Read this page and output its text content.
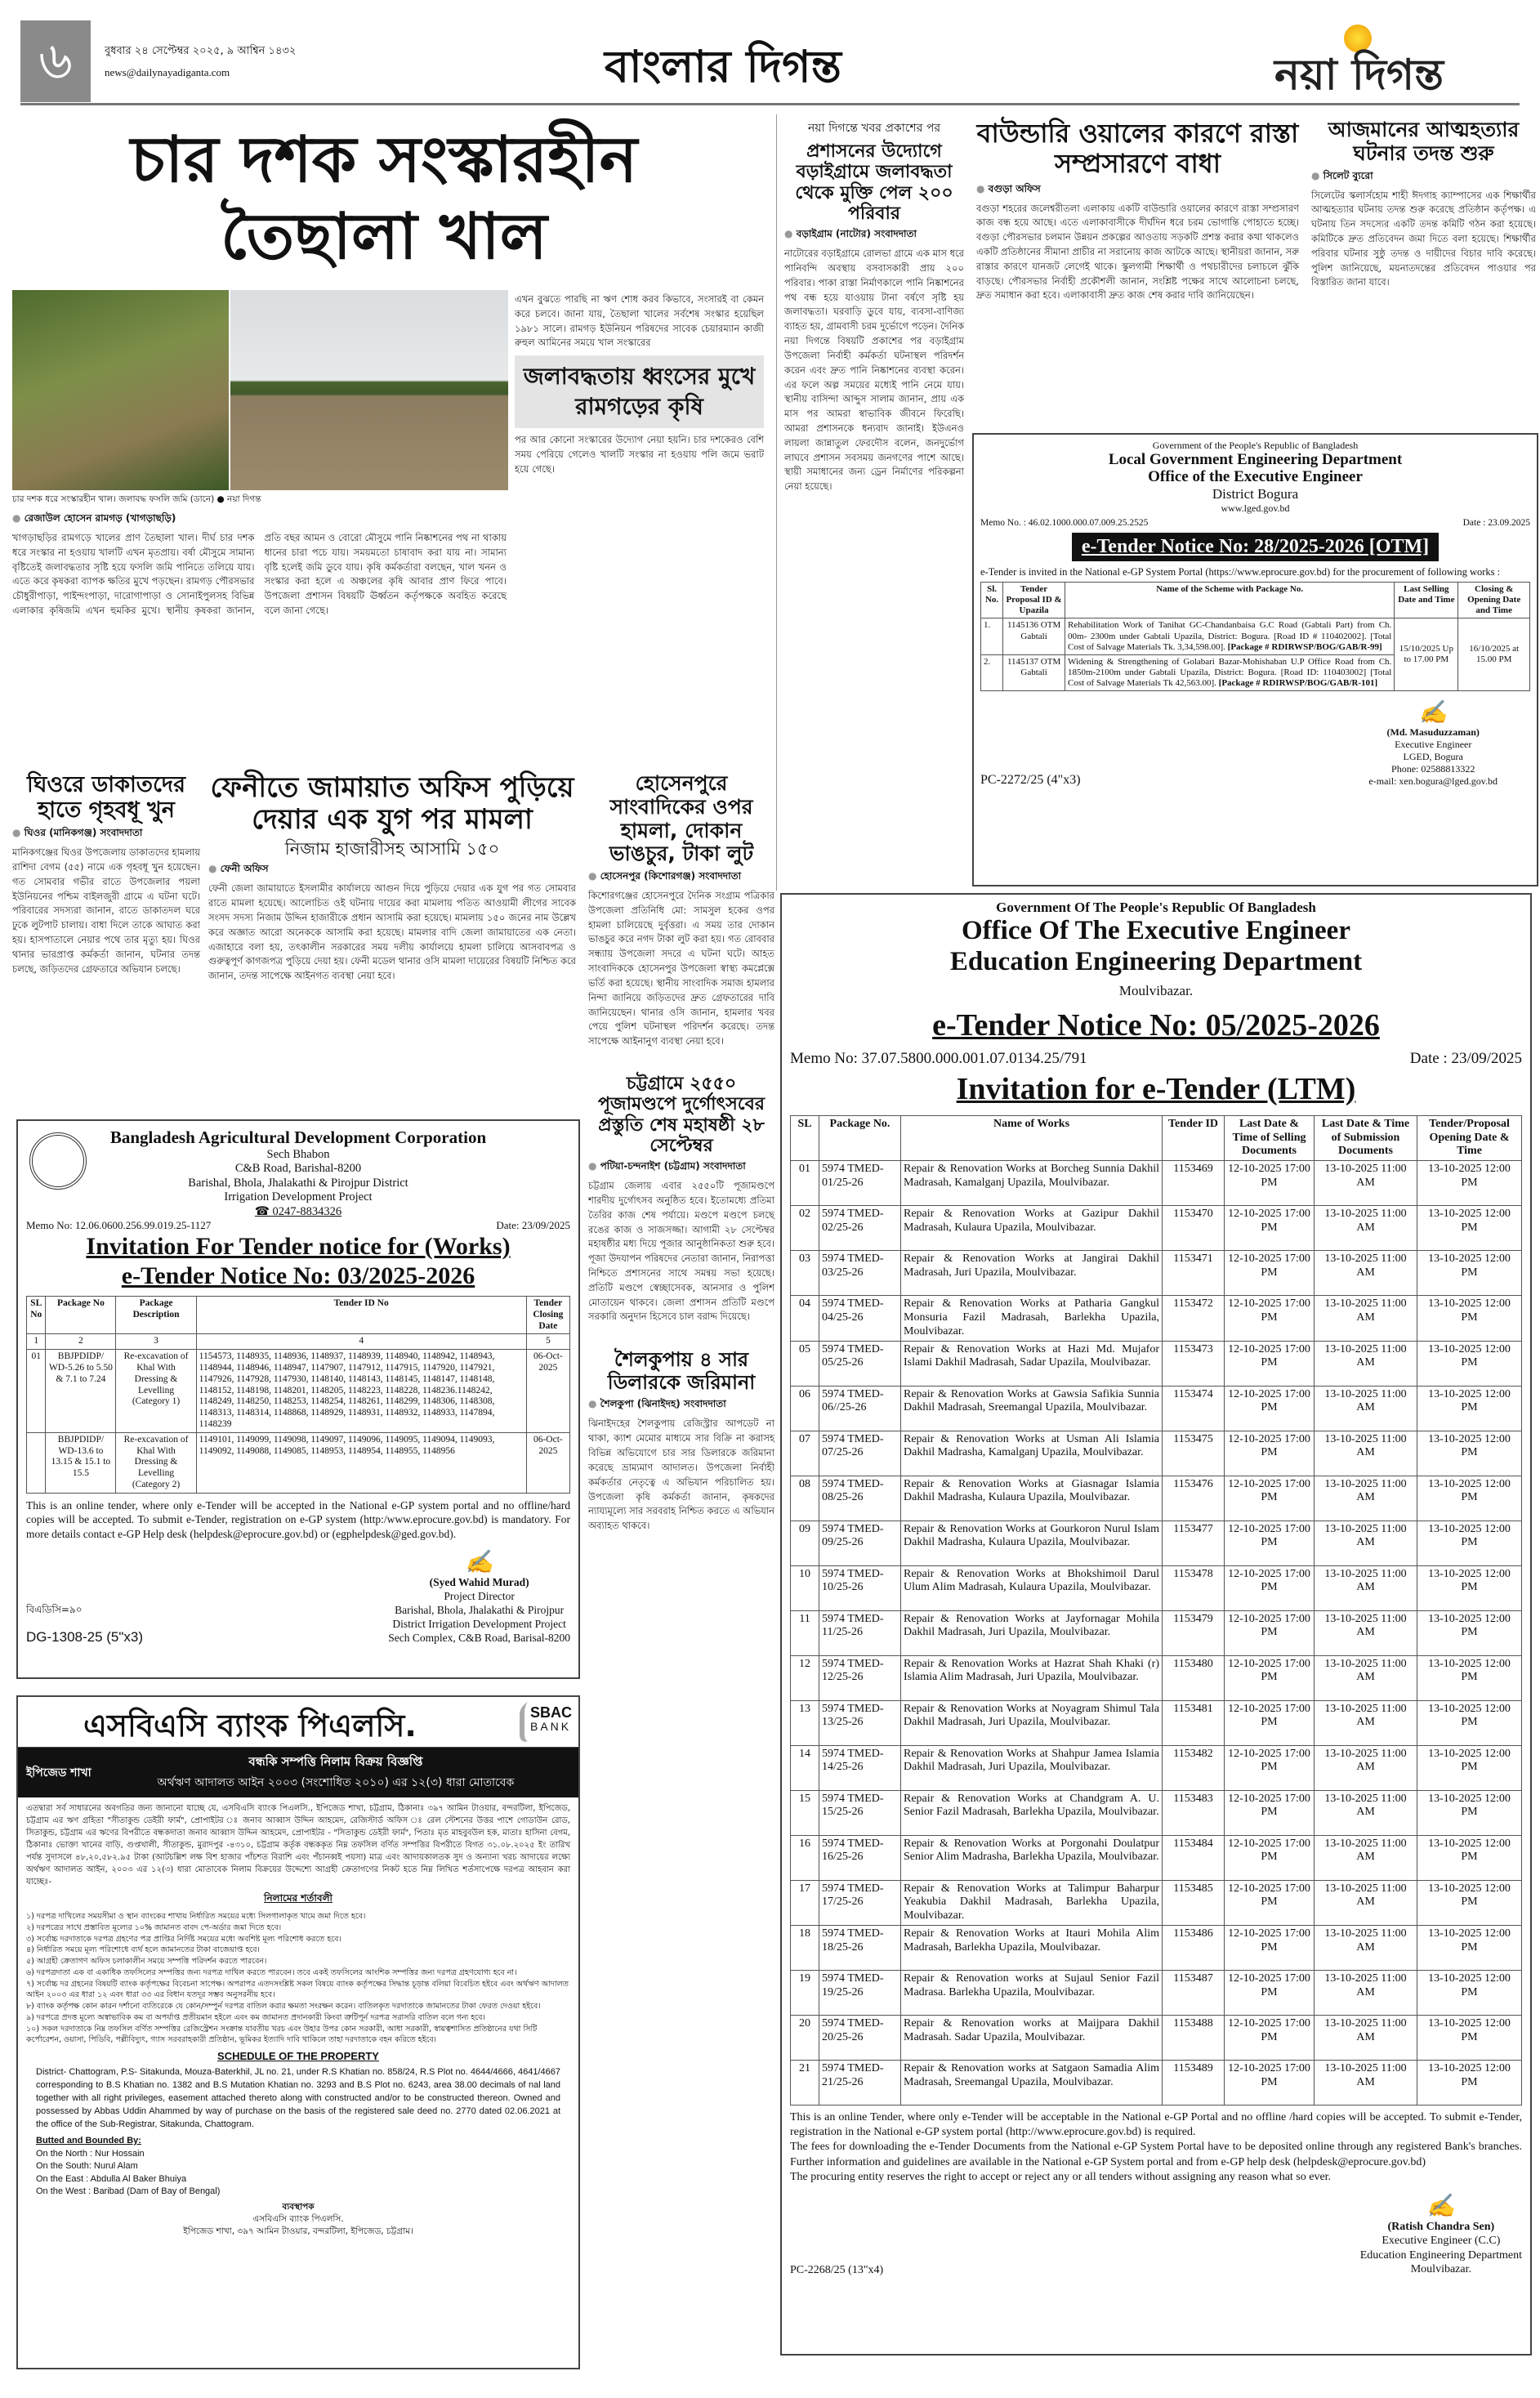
৬	বুধবার ২৪ সেপ্টেম্বর ২০২৫, ৯ আশ্বিন ১৪৩২
news@dailynayadiganta.com	বাংলার দিগন্ত	নয়া দিগন্ত
চার দশক সংস্কারহীন
তৈছালা খাল
চার দশক ধরে সংস্কারহীন খাল। জলাবদ্ধ ফসলি জমি (ডানে) ● নয়া দিগন্ত
● রেজাউল হোসেন রামগড় (খাগড়াছড়ি)
খাগড়াছড়ির রামগড়ে খালের প্রাণ তৈছালা খাল। দীর্ঘ চার দশক ধরে সংস্কার না হওয়ায় খালটি এখন মৃতপ্রায়। বর্ষা মৌসুমে সামান্য বৃষ্টিতেই জলাবদ্ধতার সৃষ্টি হয়ে ফসলি জমি পানিতে তলিয়ে যায়। এতে করে কৃষকরা ব্যাপক ক্ষতির মুখে পড়ছেন। রামগড় পৌরসভার চৌধুরীপাড়া, পাইন্দংপাড়া, দারোগাপাড়া ও সোনাইপুলসহ বিভিন্ন এলাকার কৃষিজমি এখন হুমকির মুখে। স্থানীয় কৃষকরা জানান, প্রতি বছর আমন ও বোরো মৌসুমে পানি নিষ্কাশনের পথ না থাকায় ধানের চারা পচে যায়। সময়মতো চাষাবাদ করা যায় না। সামান্য বৃষ্টি হলেই জমি ডুবে যায়। কৃষি কর্মকর্তারা বলছেন, খাল খনন ও সংস্কার করা হলে এ অঞ্চলের কৃষি আবার প্রাণ ফিরে পাবে। উপজেলা প্রশাসন বিষয়টি ঊর্ধ্বতন কর্তৃপক্ষকে অবহিত করেছে বলে জানা গেছে।
এখন বুঝতে পারছি না ঋণ শোধ করব কিভাবে, সংসারই বা কেমন করে চলবে। জানা যায়, তৈছালা খালের সর্বশেষ সংস্কার হয়েছিল ১৯৮১ সালে। রামগড় ইউনিয়ন পরিষদের সাবেক চেয়ারম্যান কাজী রুহুল আমিনের সময়ে খাল সংস্কারের
জলাবদ্ধতায় ধ্বংসের মুখে রামগড়ের কৃষি
পর আর কোনো সংস্কারের উদ্যোগ নেয়া হয়নি। চার দশকেরও বেশি সময় পেরিয়ে গেলেও খালটি সংস্কার না হওয়ায় পলি জমে ভরাট হয়ে গেছে।
নয়া দিগন্তে খবর প্রকাশের পর
প্রশাসনের উদ্যোগে বড়াইগ্রামে জলাবদ্ধতা থেকে মুক্তি পেল ২০০ পরিবার
● বড়াইগ্রাম (নাটোর) সংবাদদাতা
নাটোরের বড়াইগ্রামে রোলভা গ্রামে এক মাস ধরে পানিবন্দি অবস্থায় বসবাসকারী প্রায় ২০০ পরিবার। পাকা রাস্তা নির্মাণকালে পানি নিষ্কাশনের পথ বন্ধ হয়ে যাওয়ায় টানা বর্ষণে সৃষ্টি হয় জলাবদ্ধতা। ঘরবাড়ি ডুবে যায়, ব্যবসা-বাণিজ্য ব্যাহত হয়, গ্রামবাসী চরম দুর্ভোগে পড়েন। দৈনিক নয়া দিগন্তে বিষয়টি প্রকাশের পর বড়াইগ্রাম উপজেলা নির্বাহী কর্মকর্তা ঘটনাস্থল পরিদর্শন করেন এবং দ্রুত পানি নিষ্কাশনের ব্যবস্থা করেন। এর ফলে অল্প সময়ের মধ্যেই পানি নেমে যায়। স্থানীয় বাসিন্দা আব্দুস সালাম জানান, প্রায় এক মাস পর আমরা স্বাভাবিক জীবনে ফিরেছি। আমরা প্রশাসনকে ধন্যবাদ জানাই। ইউএনও লায়লা জান্নাতুল ফেরদৌস বলেন, জনদুর্ভোগ লাঘবে প্রশাসন সবসময় জনগণের পাশে আছে। স্থায়ী সমাধানের জন্য ড্রেন নির্মাণের পরিকল্পনা নেয়া হয়েছে।
বাউন্ডারি ওয়ালের কারণে রাস্তা সম্প্রসারণে বাধা
● বগুড়া অফিস
বগুড়া শহরের জলেশ্বরীতলা এলাকায় একটি বাউন্ডারি ওয়ালের কারণে রাস্তা সম্প্রসারণ কাজ বন্ধ হয়ে আছে। এতে এলাকাবাসীকে দীর্ঘদিন ধরে চরম ভোগান্তি পোহাতে হচ্ছে। বগুড়া পৌরসভার চলমান উন্নয়ন প্রকল্পের আওতায় সড়কটি প্রশস্ত করার কথা থাকলেও একটি প্রতিষ্ঠানের সীমানা প্রাচীর না সরানোয় কাজ আটকে আছে। স্থানীয়রা জানান, সরু রাস্তার কারণে যানজট লেগেই থাকে। স্কুলগামী শিক্ষার্থী ও পথচারীদের চলাচলে ঝুঁকি বাড়ছে। পৌরসভার নির্বাহী প্রকৌশলী জানান, সংশ্লিষ্ট পক্ষের সাথে আলোচনা চলছে, দ্রুত সমাধান করা হবে। এলাকাবাসী দ্রুত কাজ শেষ করার দাবি জানিয়েছেন।
আজমানের আত্মহত্যার ঘটনার তদন্ত শুরু
● সিলেট ব্যুরো
সিলেটের স্কলার্সহোম শাহী ঈদগাহ ক্যাম্পাসের এক শিক্ষার্থীর আত্মহত্যার ঘটনায় তদন্ত শুরু করেছে প্রতিষ্ঠান কর্তৃপক্ষ। এ ঘটনায় তিন সদস্যের একটি তদন্ত কমিটি গঠন করা হয়েছে। কমিটিকে দ্রুত প্রতিবেদন জমা দিতে বলা হয়েছে। শিক্ষার্থীর পরিবার ঘটনার সুষ্ঠু তদন্ত ও দায়ীদের বিচার দাবি করেছে। পুলিশ জানিয়েছে, ময়নাতদন্তের প্রতিবেদন পাওয়ার পর বিস্তারিত জানা যাবে।
Government of the People's Republic of Bangladesh
Local Government Engineering Department
Office of the Executive Engineer
District Bogura
www.lged.gov.bd
Memo No. : 46.02.1000.000.07.009.25.2525	Date : 23.09.2025
e-Tender Notice No: 28/2025-2026 [OTM]
e-Tender is invited in the National e-GP System Portal (https://www.eprocure.gov.bd) for the procurement of following works :
Sl. No.	Tender Proposal ID & Upazila	Name of the Scheme with Package No.	Last Selling Date and Time	Closing & Opening Date and Time
1.	1145136 OTM Gabtali	Rehabilitation Work of Tanihat GC-Chandanbaisa G.C Road (Gabtali Part) from Ch. 00m- 2300m under Gabtali Upazila, District: Bogura. [Road ID # 110402002]. [Total Cost of Salvage Materials Tk. 3,34,598.00]. [Package # RDIRWSP/BOG/GAB/R-99]	15/10/2025 Up to 17.00 PM	16/10/2025 at 15.00 PM
2.	1145137 OTM Gabtali	Widening & Strengthening of Golabari Bazar-Mohishaban U.P Office Road from Ch. 1850m-2100m under Gabtali Upazila, District: Bogura. [Road ID: 110403002] [Total Cost of Salvage Materials Tk 42,563.00]. [Package # RDIRWSP/BOG/GAB/R-101]		
PC-2272/25 (4"x3)
✍
(Md. Masuduzzaman)
Executive Engineer
LGED, Bogura
Phone: 02588813322
e-mail: xen.bogura@lged.gov.bd
ঘিওরে ডাকাতদের হাতে গৃহবধূ খুন
● ঘিওর (মানিকগঞ্জ) সংবাদদাতা
মানিকগঞ্জের ঘিওর উপজেলায় ডাকাতদের হামলায় রাশিদা বেগম (৫৫) নামে এক গৃহবধূ খুন হয়েছেন। গত সোমবার গভীর রাতে উপজেলার পয়লা ইউনিয়নের পশ্চিম বাইলজুরী গ্রামে এ ঘটনা ঘটে। পরিবারের সদস্যরা জানান, রাতে ডাকাতদল ঘরে ঢুকে লুটপাট চালায়। বাধা দিলে তাকে আঘাত করা হয়। হাসপাতালে নেয়ার পথে তার মৃত্যু হয়। ঘিওর থানার ভারপ্রাপ্ত কর্মকর্তা জানান, ঘটনার তদন্ত চলছে, জড়িতদের গ্রেফতারে অভিযান চলছে।
ফেনীতে জামায়াত অফিস পুড়িয়ে দেয়ার এক যুগ পর মামলা
নিজাম হাজারীসহ আসামি ১৫০
● ফেনী অফিস
ফেনী জেলা জামায়াতে ইসলামীর কার্যালয়ে আগুন দিয়ে পুড়িয়ে দেয়ার এক যুগ পর গত সোমবার রাতে মামলা হয়েছে। আলোচিত ওই ঘটনায় দায়ের করা মামলায় পতিত আওয়ামী লীগের সাবেক সংসদ সদস্য নিজাম উদ্দিন হাজারীকে প্রধান আসামি করা হয়েছে। মামলায় ১৫০ জনের নাম উল্লেখ করে অজ্ঞাত আরো অনেককে আসামি করা হয়েছে। মামলার বাদি জেলা জামায়াতের এক নেতা। এজাহারে বলা হয়, তৎকালীন সরকারের সময় দলীয় কার্যালয়ে হামলা চালিয়ে আসবাবপত্র ও গুরুত্বপূর্ণ কাগজপত্র পুড়িয়ে দেয়া হয়। ফেনী মডেল থানার ওসি মামলা দায়েরের বিষয়টি নিশ্চিত করে জানান, তদন্ত সাপেক্ষে আইনগত ব্যবস্থা নেয়া হবে।
হোসেনপুরে সাংবাদিকের ওপর হামলা, দোকান ভাঙচুর, টাকা লুট
● হোসেনপুর (কিশোরগঞ্জ) সংবাদদাতা
কিশোরগঞ্জের হোসেনপুরে দৈনিক সংগ্রাম পত্রিকার উপজেলা প্রতিনিধি মো: সামসুল হকের ওপর হামলা চালিয়েছে দুর্বৃত্তরা। এ সময় তার দোকান ভাঙচুর করে নগদ টাকা লুট করা হয়। গত রোববার সন্ধ্যায় উপজেলা সদরে এ ঘটনা ঘটে। আহত সাংবাদিককে হোসেনপুর উপজেলা স্বাস্থ্য কমপ্লেক্সে ভর্তি করা হয়েছে। স্থানীয় সাংবাদিক সমাজ হামলার নিন্দা জানিয়ে জড়িতদের দ্রুত গ্রেফতারের দাবি জানিয়েছেন। থানার ওসি জানান, হামলার খবর পেয়ে পুলিশ ঘটনাস্থল পরিদর্শন করেছে। তদন্ত সাপেক্ষে আইনানুগ ব্যবস্থা নেয়া হবে।
চট্টগ্রামে ২৫৫০ পূজামণ্ডপে দুর্গোৎসবের প্রস্তুতি শেষ মহাষষ্ঠী ২৮ সেপ্টেম্বর
● পটিয়া-চন্দনাইশ (চট্টগ্রাম) সংবাদদাতা
চট্টগ্রাম জেলায় এবার ২৫৫০টি পূজামণ্ডপে শারদীয় দুর্গোৎসব অনুষ্ঠিত হবে। ইতোমধ্যে প্রতিমা তৈরির কাজ শেষ পর্যায়ে। মণ্ডপে মণ্ডপে চলছে রঙের কাজ ও সাজসজ্জা। আগামী ২৮ সেপ্টেম্বর মহাষষ্ঠীর মধ্য দিয়ে পূজার আনুষ্ঠানিকতা শুরু হবে। পূজা উদযাপন পরিষদের নেতারা জানান, নিরাপত্তা নিশ্চিতে প্রশাসনের সাথে সমন্বয় সভা হয়েছে। প্রতিটি মণ্ডপে স্বেচ্ছাসেবক, আনসার ও পুলিশ মোতায়েন থাকবে। জেলা প্রশাসন প্রতিটি মণ্ডপে সরকারি অনুদান হিসেবে চাল বরাদ্দ দিয়েছে।
শৈলকুপায় ৪ সার ডিলারকে জরিমানা
● শৈলকুপা (ঝিনাইদহ) সংবাদদাতা
ঝিনাইদহের শৈলকুপায় রেজিস্ট্রার আপডেট না থাকা, ক্যাশ মেমোর মাধ্যমে সার বিক্রি না করাসহ বিভিন্ন অভিযোগে চার সার ডিলারকে জরিমানা করেছে ভ্রাম্যমাণ আদালত। উপজেলা নির্বাহী কর্মকর্তার নেতৃত্বে এ অভিযান পরিচালিত হয়। উপজেলা কৃষি কর্মকর্তা জানান, কৃষকদের ন্যায্যমূল্যে সার সরবরাহ নিশ্চিত করতে এ অভিযান অব্যাহত থাকবে।
Bangladesh Agricultural Development Corporation
Sech Bhabon
C&B Road, Barishal-8200
Barishal, Bhola, Jhalakathi & Pirojpur District
Irrigation Development Project
☎ 0247-8834326
Memo No: 12.06.0600.256.99.019.25-1127	Date: 23/09/2025
Invitation For Tender notice for (Works)
e-Tender Notice No: 03/2025-2026
SL No	Package No	Package Description	Tender ID No	Tender Closing Date
1	2	3	4	5
01	BBJPDIDP/ WD-5.26 to 5.50 & 7.1 to 7.24	Re-excavation of Khal With Dressing & Levelling (Category 1)	1154573, 1148935, 1148936, 1148937, 1148939, 1148940, 1148942, 1148943, 1148944, 1148946, 1148947, 1147907, 1147912, 1147915, 1147920, 1147921, 1147926, 1147928, 1147930, 1148140, 1148143, 1148145, 1148147, 1148148, 1148152, 1148198, 1148201, 1148205, 1148223, 1148228, 1148236.1148242, 1148249, 1148250, 1148253, 1148254, 1148261, 1148299, 1148306, 1148308, 1148313, 1148314, 1148868, 1148929, 1148931, 1148932, 1148933, 1147894, 1148239	06-Oct-2025
	BBJPDIDP/ WD-13.6 to 13.15 & 15.1 to 15.5	Re-excavation of Khal With Dressing & Levelling (Category 2)	1149101, 1149099, 1149098, 1149097, 1149096, 1149095, 1149094, 1149093, 1149092, 1149088, 1149085, 1148953, 1148954, 1148955, 1148956	06-Oct-2025
This is an online tender, where only e-Tender will be accepted in the National e-GP system portal and no offline/hard copies will be accepted. To submit e-Tender, registration on e-GP system (http:/www.eprocure.gov.bd) is mandatory. For more details contact e-GP Help desk (helpdesk@eprocure.gov.bd) or (egphelpdesk@ged.gov.bd).
বিএডিসি=৯০
DG-1308-25 (5"x3)
✍
(Syed Wahid Murad)
Project Director
Barishal, Bhola, Jhalakathi & Pirojpur
District Irrigation Development Project
Sech Complex, C&B Road, Barisal-8200
এসবিএসি ব্যাংক পিএলসি.	SBAC
BANK
ইপিজেড শাখা
বন্ধকি সম্পত্তি নিলাম বিক্রয় বিজ্ঞপ্তি
অর্থঋণ আদালত আইন ২০০৩ (সংশোধিত ২০১০) এর ১২(৩) ধারা মোতাবেক
এতদ্বারা সর্ব সাধারনের অবগতির জন্য জানানো যাচ্ছে যে, এসবিএসি ব্যাংক পিএলসি., ইপিজেড শাখা, চট্টগ্রাম, ঠিকানাঃ ৩৯৭ আমিন টাওয়ার, বন্দরটিলা, ইপিজেড, চট্টগ্রাম এর ঋণ গ্রহিতা "সীতাকুন্ড ডেইরী ফার্ম", প্রোপাইটর ঃ জনাব আব্বাস উদ্দিন আহমেদ, রেজিস্টার্ড অফিস ঃ রেল স্টেশনের উত্তর পাশে গোডাউন রোড, সিতাকুন্ড, চট্টগ্রাম এর ঋণের বিপরীতে বন্ধকদাতা জনাব আব্বাস উদ্দিন আহমেদ, প্রোপাইটর - "সিতাকুন্ড ডেইরী ফার্ম", পিতাঃ মৃত মাহবুবউল হক, মাতাঃ হাসিনা বেগম, ঠিকানাঃ ভোক্তা খানের বাড়ি, গুপ্তখালী, সীতাকুন্ড, মুরাদপুর -৪৩১০, চট্টগ্রাম কর্তৃক বন্ধককৃত নিম্ন তফসিল বর্ণিত সম্পত্তির বিপরীতে বিগত ৩১.০৮.২০২৫ ইং তারিখ পর্যন্ত সুদাসলে ৪৮,২০,৫৮২.৯৫ টাকা (আটচল্লিশ লক্ষ বিশ হাজার পাঁচশত বিরাশি এবং পঁচানব্বই পয়সা) মাত্র এবং আদায়কালতক সুদ ও অন্যান্য খরচ আদায়ের লক্ষ্যে অর্থঋণ আদালত আইন, ২০০৩ এর ১২(৩) ধারা মোতাবেক নিলাম বিক্রয়ের উদ্দেশ্যে আগ্রহী ক্রেতাগণের নিকট হতে নিম্ন লিখিত শর্তসাপেক্ষে দরপত্র আহবান করা যাচ্ছেঃ-
নিলামের শর্তাবলী
১) দরপত্র দাখিলের সময়সীমা ও স্থান ব্যাংকের শাখায় নির্ধারিত সময়ের মধ্যে সিলগালাকৃত খামে জমা দিতে হবে।
২) দরপত্রের সাথে প্রস্তাবিত মূল্যের ১০% জামানত বাবদ পে-অর্ডার জমা দিতে হবে।
৩) সর্বোচ্চ দরদাতাকে দরপত্র গ্রহণের পত্র প্রাপ্তির নির্দিষ্ট সময়ের মধ্যে অবশিষ্ট মূল্য পরিশোধ করতে হবে।
৪) নির্ধারিত সময়ে মূল্য পরিশোধে ব্যর্থ হলে জামানতের টাকা বাজেয়াপ্ত হবে।
৫) আগ্রহী ক্রেতাগণ অফিস চলাকালীন সময়ে সম্পত্তি পরিদর্শন করতে পারবেন।
৬) দরপত্রদাতা এক বা একাধিক তফসিলের সম্পত্তির জন্য দরপত্র দাখিল করতে পারবেন। তবে একই তফসিলের আংশিক সম্পত্তির জন্য দরপত্র গ্রহণযোগ্য হবে না।
৭) সর্বোচ্চ দর গ্রহনের বিষয়টি ব্যাংক কর্তৃপক্ষের বিবেচনা সাপেক্ষ। অপরাপর এতদসংশ্লিষ্ট সকল বিষয়ে ব্যাংক কর্তৃপক্ষের সিদ্ধান্ত চূড়ান্ত বলিয়া বিবেচিত হইবে এবং অর্থঋণ আদালত আইন ২০০৩ এর ধারা ১২ এবং ধারা ৩৩ এর বিধান যতদূর সম্ভব অনুসরনীয় হবে।
৮) ব্যাংক কর্তৃপক্ষ কোন কারন দর্শানো ব্যতিরেকে যে কোন/সম্পুর্ন দরপত্র বাতিল করার ক্ষমতা সংরক্ষন করেন। বাতিলকৃত দরদাতাকে জামানতের টাকা ফেরত দেওয়া হইবে।
৯) দরপত্রে প্রদত্ত মূল্যে অস্বাভাবিক কম বা অপর্যাপ্ত প্রতীয়মান হইলে এবং কম জামানত প্রদানকারী কিংবা ত্রুটিপূর্ন দরপত্র সরাসরি বাতিল বলে গন্য হবে।
১০) সকল দরদাতাকে নিম্ন তফসিল বর্ণিত সম্পত্তির রেজিস্ট্রেশন সংক্রান্ত যাবতীয় খরচ এবং উহার উপর কোন সরকারী, আধা সরকারী, স্বায়ত্বশাসিত প্রতিষ্ঠানের যথা সিটি কর্পোরেশন, ওয়াসা, পিডিবি, পল্লীবিদ্যুৎ, গ্যাস সরবরাহকারী প্রতিষ্ঠান, ভূমিকর ইত্যাদি দাবি থাকিলে তাহা দরদাতাকে বহন করিতে হইবে।
SCHEDULE OF THE PROPERTY
District- Chattogram, P.S- Sitakunda, Mouza-Baterkhil, JL no. 21, under R.S Khatian no. 858/24, R.S Plot no. 4644/4666, 4641/4667 corresponding to B.S Khatian no. 1382 and B.S Mutation Khatian no. 3293 and B.S Plot no. 6243, area 38.00 decimals of nal land together with all right privileges, easement attached thereto along with constructed and/or to be constructed thereon. Owned and possessed by Abbas Uddin Ahammed by way of purchase on the basis of the registered sale deed no. 2770 dated 02.06.2021 at the office of the Sub-Registrar, Sitakunda, Chattogram.
Butted and Bounded By:
On the North : Nur Hossain
On the South: Nurul Alam
On the East : Abdulla Al Baker Bhuiya
On the West : Baribad (Dam of Bay of Bengal)
ব্যবস্থাপক
এসবিএসি ব্যাংক পিএলসি.
ইপিজেড শাখা, ৩৯৭ আমিন টাওয়ার, বন্দরটিলা, ইপিজেড, চট্টগ্রাম।
Government Of The People's Republic Of Bangladesh
Office Of The Executive Engineer
Education Engineering Department
Moulvibazar.
e-Tender Notice No: 05/2025-2026
Memo No: 37.07.5800.000.001.07.0134.25/791	Date : 23/09/2025
Invitation for e-Tender (LTM)
SL	Package No.	Name of Works	Tender ID	Last Date & Time of Selling Documents	Last Date & Time of Submission Documents	Tender/Proposal Opening Date & Time
01	5974 TMED-01/25-26	Repair & Renovation Works at Borcheg Sunnia Dakhil Madrasah, Kamalganj Upazila, Moulvibazar.	1153469	12-10-2025 17:00 PM	13-10-2025 11:00 AM	13-10-2025 12:00 PM
02	5974 TMED-02/25-26	Repair & Renovation Works at Gazipur Dakhil Madrasah, Kulaura Upazila, Moulvibazar.	1153470	12-10-2025 17:00 PM	13-10-2025 11:00 AM	13-10-2025 12:00 PM
03	5974 TMED-03/25-26	Repair & Renovation Works at Jangirai Dakhil Madrasah, Juri Upazila, Moulvibazar.	1153471	12-10-2025 17:00 PM	13-10-2025 11:00 AM	13-10-2025 12:00 PM
04	5974 TMED-04/25-26	Repair & Renovation Works at Patharia Gangkul Monsuria Fazil Madrasah, Barlekha Upazila, Moulvibazar.	1153472	12-10-2025 17:00 PM	13-10-2025 11:00 AM	13-10-2025 12:00 PM
05	5974 TMED-05/25-26	Repair & Renovation Works at Hazi Md. Mujafor Islami Dakhil Madrasah, Sadar Upazila, Moulvibazar.	1153473	12-10-2025 17:00 PM	13-10-2025 11:00 AM	13-10-2025 12:00 PM
06	5974 TMED-06//25-26	Repair & Renovation Works at Gawsia Safikia Sunnia Dakhil Madrasah, Sreemangal Upazila, Moulvibazar.	1153474	12-10-2025 17:00 PM	13-10-2025 11:00 AM	13-10-2025 12:00 PM
07	5974 TMED-07/25-26	Repair & Renovation Works at Usman Ali Islamia Dakhil Madrasha, Kamalganj Upazila, Moulvibazar.	1153475	12-10-2025 17:00 PM	13-10-2025 11:00 AM	13-10-2025 12:00 PM
08	5974 TMED-08/25-26	Repair & Renovation Works at Giasnagar Islamia Dakhil Madrasha, Kulaura Upazila, Moulvibazar.	1153476	12-10-2025 17:00 PM	13-10-2025 11:00 AM	13-10-2025 12:00 PM
09	5974 TMED-09/25-26	Repair & Renovation Works at Gourkoron Nurul Islam Dakhil Madrasha, Kulaura Upazila, Moulvibazar.	1153477	12-10-2025 17:00 PM	13-10-2025 11:00 AM	13-10-2025 12:00 PM
10	5974 TMED-10/25-26	Repair & Renovation Works at Bhokshimoil Darul Ulum Alim Madrasah, Kulaura Upazila, Moulvibazar.	1153478	12-10-2025 17:00 PM	13-10-2025 11:00 AM	13-10-2025 12:00 PM
11	5974 TMED-11/25-26	Repair & Renovation Works at Jayfornagar Mohila Dakhil Madrasah, Juri Upazila, Moulvibazar.	1153479	12-10-2025 17:00 PM	13-10-2025 11:00 AM	13-10-2025 12:00 PM
12	5974 TMED-12/25-26	Repair & Renovation Works at Hazrat Shah Khaki (r) Islamia Alim Madrasah, Juri Upazila, Moulvibazar.	1153480	12-10-2025 17:00 PM	13-10-2025 11:00 AM	13-10-2025 12:00 PM
13	5974 TMED-13/25-26	Repair & Renovation Works at Noyagram Shimul Tala Dakhil Madrasah, Juri Upazila, Moulvibazar.	1153481	12-10-2025 17:00 PM	13-10-2025 11:00 AM	13-10-2025 12:00 PM
14	5974 TMED-14/25-26	Repair & Renovation Works at Shahpur Jamea Islamia Dakhil Madrasah, Juri Upazila, Moulvibazar.	1153482	12-10-2025 17:00 PM	13-10-2025 11:00 AM	13-10-2025 12:00 PM
15	5974 TMED-15/25-26	Repair & Renovation Works at Chandgram A. U. Senior Fazil Madrasah, Barlekha Upazila, Moulvibazar.	1153483	12-10-2025 17:00 PM	13-10-2025 11:00 AM	13-10-2025 12:00 PM
16	5974 TMED-16/25-26	Repair & Renovation Works at Porgonahi Doulatpur Senior Alim Madrasha, Barlekha Upazila, Moulvibazar.	1153484	12-10-2025 17:00 PM	13-10-2025 11:00 AM	13-10-2025 12:00 PM
17	5974 TMED-17/25-26	Repair & Renovation Works at Talimpur Baharpur Yeakubia Dakhil Madrasah, Barlekha Upazila, Moulvibazar.	1153485	12-10-2025 17:00 PM	13-10-2025 11:00 AM	13-10-2025 12:00 PM
18	5974 TMED-18/25-26	Repair & Renovation Works at Itauri Mohila Alim Madrasah, Barlekha Upazila, Moulvibazar.	1153486	12-10-2025 17:00 PM	13-10-2025 11:00 AM	13-10-2025 12:00 PM
19	5974 TMED-19/25-26	Repair & Renovation works at Sujaul Senior Fazil Madrasa. Barlekha Upazila, Moulvibazar.	1153487	12-10-2025 17:00 PM	13-10-2025 11:00 AM	13-10-2025 12:00 PM
20	5974 TMED-20/25-26	Repair & Renovation works at Maijpara Dakhil Madrasah. Sadar Upazila, Moulvibazar.	1153488	12-10-2025 17:00 PM	13-10-2025 11:00 AM	13-10-2025 12:00 PM
21	5974 TMED-21/25-26	Repair & Renovation works at Satgaon Samadia Alim Madrasah, Sreemangal Upazila, Moulvibazar.	1153489	12-10-2025 17:00 PM	13-10-2025 11:00 AM	13-10-2025 12:00 PM
This is an online Tender, where only e-Tender will be acceptable in the National e-GP Portal and no offline /hard copies will be accepted. To submit e-Tender, registration in the National e-GP system portal (http://www.eprocure.gov.bd) is required.
The fees for downloading the e-Tender Documents from the National e-GP System Portal have to be deposited online through any registered Bank's branches. Further information and guidelines are available in the National e-GP System portal and from e-GP help desk (helpdesk@eprocure.gov.bd)
The procuring entity reserves the right to accept or reject any or all tenders without assigning any reason what so ever.
PC-2268/25 (13"x4)
✍
(Ratish Chandra Sen)
Executive Engineer (C.C)
Education Engineering Department
Moulvibazar.
